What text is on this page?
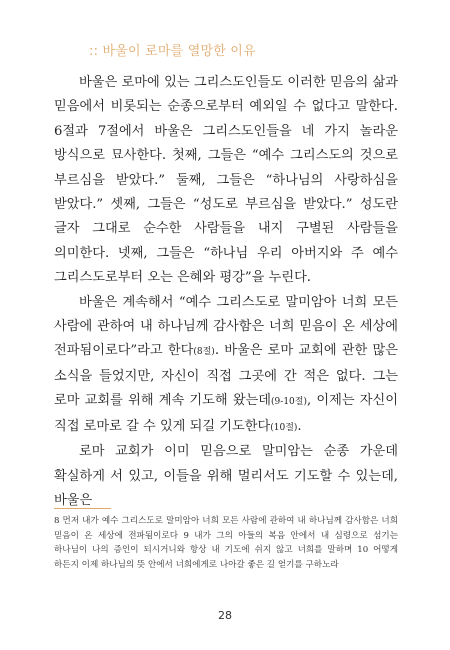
:: 바울이 로마를 열망한 이유

바울은 로마에 있는 그리스도인들도 이러한 믿음의 삶과 믿음에서 비롯되는 순종으로부터 예외일 수 없다고 말한다. 6절과 7절에서 바울은 그리스도인들을 네 가지 놀라운 방식으로 묘사한다. 첫째, 그들은 “예수 그리스도의 것으로 부르심을 받았다.” 둘째, 그들은 “하나님의 사랑하심을 받았다.” 셋째, 그들은 “성도로 부르심을 받았다.” 성도란 글자 그대로 순수한 사람들을 내지 구별된 사람들을 의미한다. 넷째, 그들은 “하나님 우리 아버지와 주 예수 그리스도로부터 오는 은혜와 평강”을 누린다.

바울은 계속해서 “예수 그리스도로 말미암아 너희 모든 사람에 관하여 내 하나님께 감사함은 너희 믿음이 온 세상에 전파됨이로다”라고 한다(8절). 바울은 로마 교회에 관한 많은 소식을 들었지만, 자신이 직접 그곳에 간 적은 없다. 그는 로마 교회를 위해 계속 기도해 왔는데(9-10절), 이제는 자신이 직접 로마로 갈 수 있게 되길 기도한다(10절).

로마 교회가 이미 믿음으로 말미암는 순종 가운데 확실하게 서 있고, 이들을 위해 멀리서도 기도할 수 있는데, 바울은

8 먼저 내가 예수 그리스도로 말미암아 너희 모든 사람에 관하여 내 하나님께 감사함은 너희 믿음이 온 세상에 전파됨이로다 9 내가 그의 아들의 복음 안에서 내 심령으로 섬기는 하나님이 나의 증인이 되시거니와 항상 내 기도에 쉬지 않고 너희를 말하며 10 어떻게 하든지 이제 하나님의 뜻 안에서 너희에게로 나아갈 좋은 길 얻기를 구하노라
28
